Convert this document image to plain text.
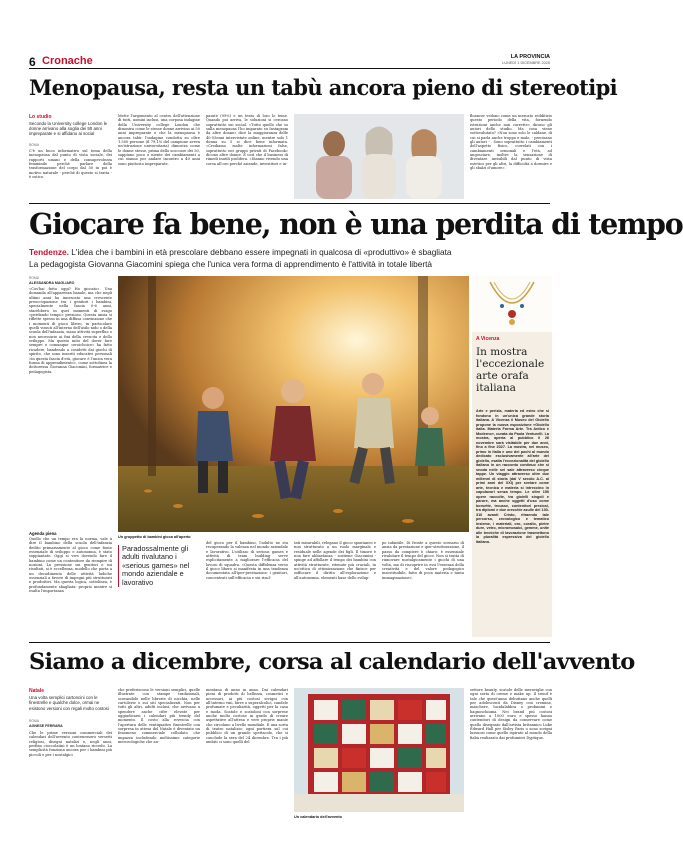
6 Cronache	LA PROVINCIA
LUNEDÌ 1 DICEMBRE 2025
Menopausa, resta un tabù ancora pieno di stereotipi
Lo studio
Secondo la University college London le donne arrivano alla soglia dei 50 anni impreparate e si affidano ai social
ROMA
C'è un buco informativo sul tema della menopausa dal punto di vista sociale, dei rapporti umani e della consapevolezza femminile perché parlare della trasformazione del corpo dal 50 in poi è motivo naturale - perché di questo si tratta - è ostico.
Mette l'argomento al centro dell'attenzione di tutti, uomini inclusi, una corposa indagine della University college London che dimostra come le stesse donne arrivino ai 50 anni impreparate e che la menopausa è ancora tabù: l'indagine condotta su oltre 1.500 persone (il 79,1% del campione aveva un'istruzione universitaria) dimostra come le donne stesse, prima dello scoccare dei 50, sappiano poco o niente dei cambiamenti a cui stanno per andare incontro a 40 anni sono piuttosto impreparate.
parate (99%) e un terzo di loro lo teme. Quando poi arriva, le soluzioni si cercano soprattutto sui social. «Tutto quello che so sulla menopausa l'ho imparato su Instagram da altre donne» dice la maggioranza delle 40-55enni intervistate online, mentre solo 1 donna su 5 si dice bene informata. «Crediamo molte informazioni false, soprattutto nei gruppi privati di Facebook» dicono altre donne. È così che il business di rimedi inutili prolifera. «Stanno vivendo una corsa all'oro perché aziende, investitori e in-
fluencer vedono come un mercato redditizio questo periodo della vita, fornendo istruzioni anche non corrette» dicono gli autori dello studio. Ma cosa viene sottovalutato? «Non sono solo le caldane, di cui si parla anche troppo e male, - precisano gli autori - . Sono soprattutto i cambiamenti dell'aspetto fisico, correlati con i cambiamenti ormonali e l'età, ad angosciare, inoltre la sensazione di diventare invisibili dal punto di vista estetico per gli altri, la difficoltà a dormire e gli sbalzi d'umore».
Giocare fa bene, non è una perdita di tempo
Tendenze. L'idea che i bambini in età prescolare debbano essere impegnati in qualcosa di «produttivo» è sbagliata
La pedagogista Giovanna Giacomini spiega che l'unica vera forma di apprendimento è l'attività in totale libertà
ROMA
ALESSANDRA MAGLIARO
«Cos'hai fatto oggi? Ho giocato». Una domanda all'apparenza banale, ma che negli ultimi anni ha innescato una crescente preoccupazione tra i genitori i bambini, specialmente nella fascia 0-6 anni, starebbero in quei momenti di svago «perdendo tempo» prezioso. Questa ansia si riflette spesso in una diffusa convinzione che i momenti di gioco libero, in particolare quelli vissuti all'interno dell'asilo nido o della scuola dell'infanzia, siano attività superflue o non necessarie ai fini della crescita e dello sviluppo. Ma questo mito del dover fare sempre e comunque «eroichoice» ha fatto ricadere, bandendo a cosidetti dai giochi di spirito, che sono inseriti educativi personali «in questa fascia d'età, giocare è l'unica vera forma di apprendimento», come sottolinea la dottoressa Giovanna Giacomini, formatrice e pedagogista.
Agenda piena
Quello che un tempo era la norma, vale a dire il bambino della scuola dell'infanzia dedito primariamente al gioco come fonte essenziale di sviluppo e autonomia, è stato soppiantato. Oggi si vive dovendo fare il bambino come un contenitore da riempire di nozioni. La pressione sui genitori e sui risultati, si è eccellenza, modello che porta a un decadimento delle attività ludiche essenziali a favore di impegni più strutturati e produttivi. Ma questa logica, sottolinea, è profondamente sbagliata: proprio mentre si esalta l'importanza
Un gruppetto di bambini gioca all'aperto
Paradossalmente gli adulti rivalutano i «serious games» nel mondo aziendale e lavorativo
del gioco per il bambino, l'adulto ne sta recuperando la valenza nel mondo aziendale e lavorativo. L'utilizzo di serious games e attività di team building serve esplicitamente a migliorare l'efficacia del lavoro di squadra. «Questa diffidenza verso il gioco libero si manifesta in una tendenza documentata all'iper-prestazione: i genitori, concentrati sull'efficacia e sui risul-
tati misurabili, relegano il gioco spontaneo e non strutturato a un ruolo marginale e residuale nelle agende dei figli. Il timore è non fare abbastanza - sostiene Giacomini - spinge ad affollare il tempo dei bambini con attività strutturate, ritenute più cruciali, in un'ottica di ottimizzazione che finisce per soffocare il diritto all'esplorazione e all'autonomia, elementi base dello svilup-
po infantile. Di fronte a questo scenario di ansia da prestazione e iper-strutturazione, il passo da compiere è chiaro: è essenziale rivalutare il tempo del gioco. Non si tratta di rinnovare nostalgicamente i giochi di una volta, ma di riscoprire in essi l'essenza della creatività e del valore pedagogico insostituibile, fatto di poca materia e tanta immaginazione».
A Vicenza
In mostra l'eccezionale arte orafa italiana
Arte e perizia, materia ed estro che si fondono in un'unica grande storia italiana. A Vicenza il Museo del Gioiello propone la nuova esposizione «Gioiello italia. Materia Forma Arte. Tra Antico e Moderno», curata da Paola Venturelli. La mostra, aperta al pubblico il 26 novembre sarà visitabile per due anni, fino a fine 2027. La mostra, nel museo, primo in Italia e uno dei pochi al mondo dedicato esclusivamente all'arte del gioiello, esalta l'eccezionalità del gioiello italiano in un racconto continuo che si snoda nelle sei sale attraverso cinque tappe. Un viaggio attraverso oltre due millenni di storia (dal V secolo A.C. ai primi anni del XXI) per svelare come arte, tecnica e materia si intreccino in capolavori senza tempo. Le oltre 150 opere raccolte, tra gioielli singoli e parure, ma anche oggetti d'uso come borsette, trousse, contenitori preziosi, tra diplomi e due orecchie azulle del 130-310 avanti Cristo, ritraendo tale percorso, cronologico e tematico insieme, i materiali, oro, corallo, pietre dure, vetro, micromosaici, gemme, unite alle tecniche di lavorazione trasmettono la pluralità espressiva del gioiello italiano.
Siamo a dicembre, corsa al calendario dell'avvento
Natale
Una volta semplici cartoncini con le finestrelle e qualche dolce, ormai ne esistono versioni con regali molto costosi
ROMA
AGNESE FERRARA
Che le prime versioni commerciali dei calendari dell'avvento contenessero versetti religiosi, disegni natalizi e, negli anni, perfino cioccolatini è un lontano ricordo. La semplicità funziona ancora per i bambini più piccoli e per i nostalgici
che preferiscono le versioni semplici, quelle illustrate con stampe tradizionali, scovandole nelle librerie di nicchia, nelle cartolerie o sui siti specializzati. Non per tutti gli altri, adulti inclusi, che arrivano a spendere anche cifre elevate per aggiudicarsi i calendari più trendy del momento. Il costo alla rovescia con l'apertura delle ventiquattro finestrelle con sorpresa in attesa del Natale è diventato un fenomeno commerciale colludato che impazza includendo moltissime categorie merceologiche che au-
mentano di anno in anno. Dai calendari pieni di prodotti di bellezza, cosmetici e accessori, ai più costosi scrigni con all'interno vini, birre o superalcolici, candele profumate e peculiarità, oggetti per la casa e moda. Scatole e scatoloni con sorprese anche molto costose in grado di creare aspettative all'attesa e vere proprie manie che circolano a livello mondiale. E una sorta di teatro natalizio: ogni portiera sul cui pubblico di un grande spettacolo, che si conclude la sera del 24 dicembre. Tra i più ambiti ci sono quelli del
Un calendario dell'avvento
settore beauty, scatole delle meraviglie con ogni sorta di creme e make up. Il trend è tale che quest'anno debuttano anche quelli per adolescenti da Disney con cremine, maschere, lucidalabbra o profumini e bagnoschiuma. Nei brand più costosi arrivano a 1000 euro e spesso hanno contenitori di design da conservare come quello disegnato dall'artista britannico Luke Edward Hall per Sisley Paris o sono scrigni lussuosi come quello ispirato al mondo della fiaba realizzato dai profumieri Dyptique.
